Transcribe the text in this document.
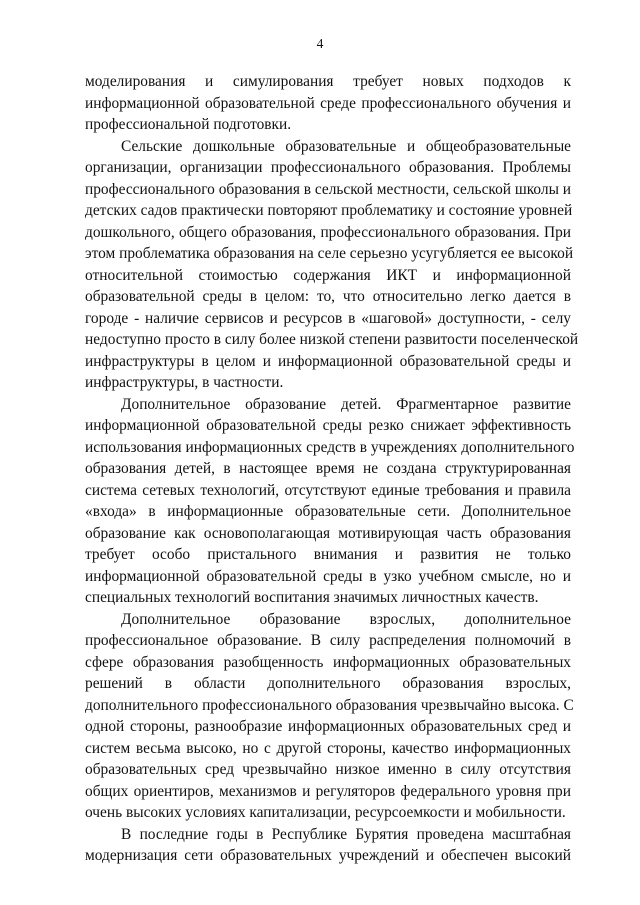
4
моделирования и симулирования требует новых подходов к
информационной образовательной среде профессионального обучения и
профессиональной подготовки.
Сельские дошкольные образовательные и общеобразовательные
организации, организации профессионального образования. Проблемы
профессионального образования в сельской местности, сельской школы и
детских садов практически повторяют проблематику и состояние уровней
дошкольного, общего образования, профессионального образования. При
этом проблематика образования на селе серьезно усугубляется ее высокой
относительной стоимостью содержания ИКТ и информационной
образовательной среды в целом: то, что относительно легко дается в
городе - наличие сервисов и ресурсов в «шаговой» доступности, - селу
недоступно просто в силу более низкой степени развитости поселенческой
инфраструктуры в целом и информационной образовательной среды и
инфраструктуры, в частности.
Дополнительное образование детей. Фрагментарное развитие
информационной образовательной среды резко снижает эффективность
использования информационных средств в учреждениях дополнительного
образования детей, в настоящее время не создана структурированная
система сетевых технологий, отсутствуют единые требования и правила
«входа» в информационные образовательные сети. Дополнительное
образование как основополагающая мотивирующая часть образования
требует особо пристального внимания и развития не только
информационной образовательной среды в узко учебном смысле, но и
специальных технологий воспитания значимых личностных качеств.
Дополнительное образование взрослых, дополнительное
профессиональное образование. В силу распределения полномочий в
сфере образования разобщенность информационных образовательных
решений в области дополнительного образования взрослых,
дополнительного профессионального образования чрезвычайно высока. С
одной стороны, разнообразие информационных образовательных сред и
систем весьма высоко, но с другой стороны, качество информационных
образовательных сред чрезвычайно низкое именно в силу отсутствия
общих ориентиров, механизмов и регуляторов федерального уровня при
очень высоких условиях капитализации, ресурсоемкости и мобильности.
В последние годы в Республике Бурятия проведена масштабная
модернизация сети образовательных учреждений и обеспечен высокий
